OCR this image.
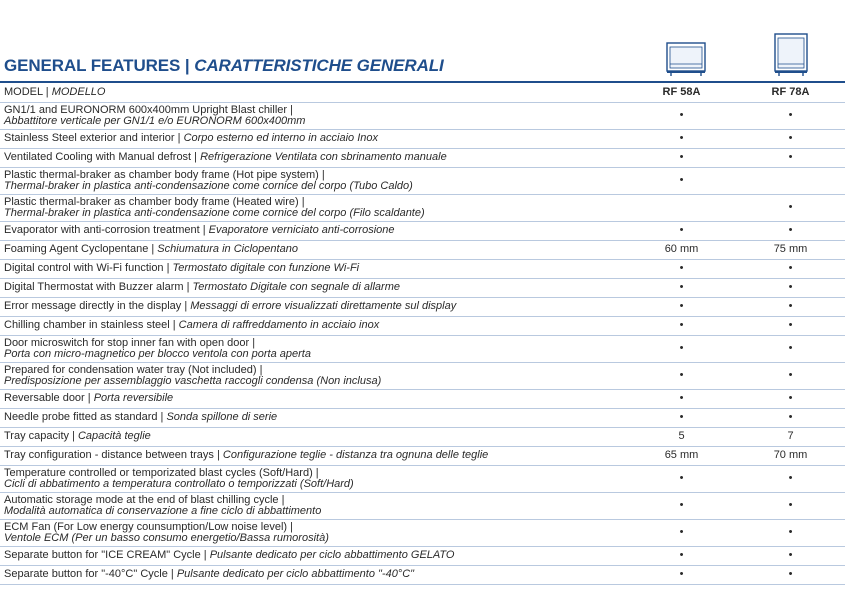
GENERAL FEATURES | CARATTERISTICHE GENERALI
MODEL | MODELLO	RF 58A	RF 78A

GN1/1 and EURONORM 600x400mm Upright Blast chiller |
Abbattitore verticale per GN1/1 e/o EURONORM 600x400mm	•	•

Stainless Steel exterior and interior | Corpo esterno ed interno in acciaio Inox	•	•

Ventilated Cooling with Manual defrost | Refrigerazione Ventilata con sbrinamento manuale	•	•

Plastic thermal-braker as chamber body frame (Hot pipe system) |
Thermal-braker in plastica anti-condensazione come cornice del corpo (Tubo Caldo)	•	

Plastic thermal-braker as chamber body frame (Heated wire) |
Thermal-braker in plastica anti-condensazione come cornice del corpo (Filo scaldante)		•

Evaporator with anti-corrosion treatment | Evaporatore verniciato anti-corrosione	•	•

Foaming Agent Cyclopentane | Schiumatura in Ciclopentano	60 mm	75 mm

Digital control with Wi-Fi function | Termostato digitale con funzione Wi-Fi	•	•

Digital Thermostat with Buzzer alarm | Termostato Digitale con segnale di allarme	•	•

Error message directly in the display | Messaggi di errore visualizzati direttamente sul display	•	•

Chilling chamber in stainless steel | Camera di raffreddamento in acciaio inox	•	•

Door microswitch for stop inner fan with open door |
Porta con micro-magnetico per blocco ventola con porta aperta	•	•

Prepared for condensation water tray (Not included) |
Predisposizione per assemblaggio vaschetta raccogli condensa (Non inclusa)	•	•

Reversable door | Porta reversibile	•	•

Needle probe fitted as standard | Sonda spillone di serie	•	•

Tray capacity | Capacità teglie	5	7

Tray configuration - distance between trays | Configurazione teglie - distanza tra ognuna delle teglie	65 mm	70 mm

Temperature controlled or temporizated blast cycles (Soft/Hard) |
Cicli di abbatimento a temperatura controllato o temporizzati (Soft/Hard)	•	•

Automatic storage mode at the end of blast chilling cycle |
Modalità automatica di conservazione a fine ciclo di abbattimento	•	•

ECM Fan (For Low energy counsumption/Low noise level) |
Ventole ECM (Per un basso consumo energetio/Bassa rumorosità)	•	•

Separate button for "ICE CREAM" Cycle | Pulsante dedicato per ciclo abbattimento GELATO	•	•

Separate button for "-40°C" Cycle | Pulsante dedicato per ciclo abbattimento "-40°C"	•	•
